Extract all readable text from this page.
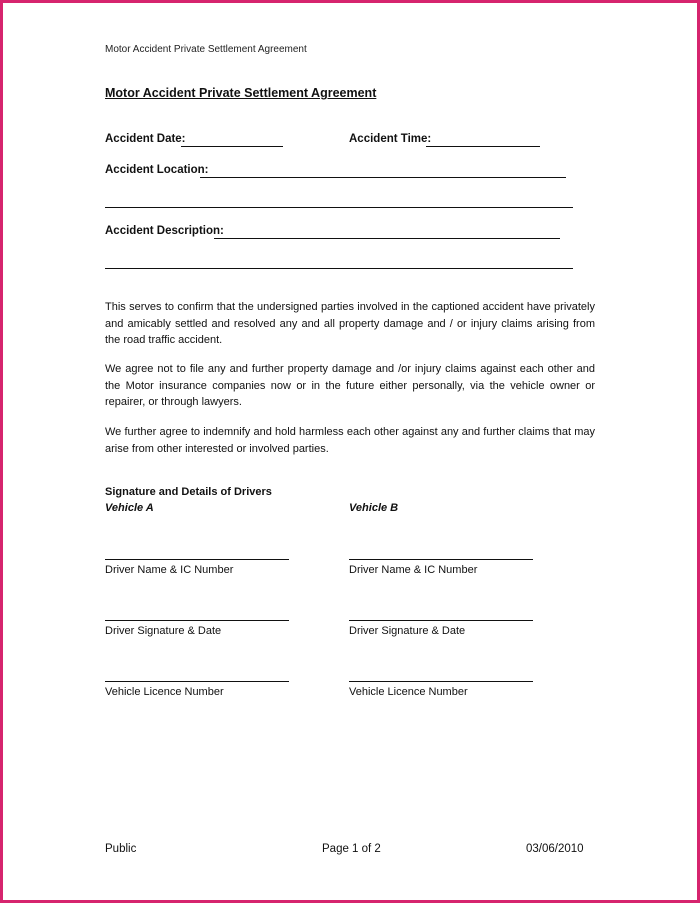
Motor Accident Private Settlement Agreement
Motor Accident Private Settlement Agreement
Accident Date:	Accident Time:
Accident Location:
Accident Description:
This serves to confirm that the undersigned parties involved in the captioned accident have privately and amicably settled and resolved any and all property damage and / or injury claims arising from the road traffic accident.
We agree not to file any and further property damage and /or injury claims against each other and the Motor insurance companies now or in the future either personally, via the vehicle owner or repairer, or through lawyers.
We further agree to indemnify and hold harmless each other against any and further claims that may arise from other interested or involved parties.
Signature and Details of Drivers
Vehicle A	Vehicle B
Driver Name & IC Number	Driver Name & IC Number
Driver Signature & Date	Driver Signature & Date
Vehicle Licence Number	Vehicle Licence Number
Public	Page 1 of 2	03/06/2010
